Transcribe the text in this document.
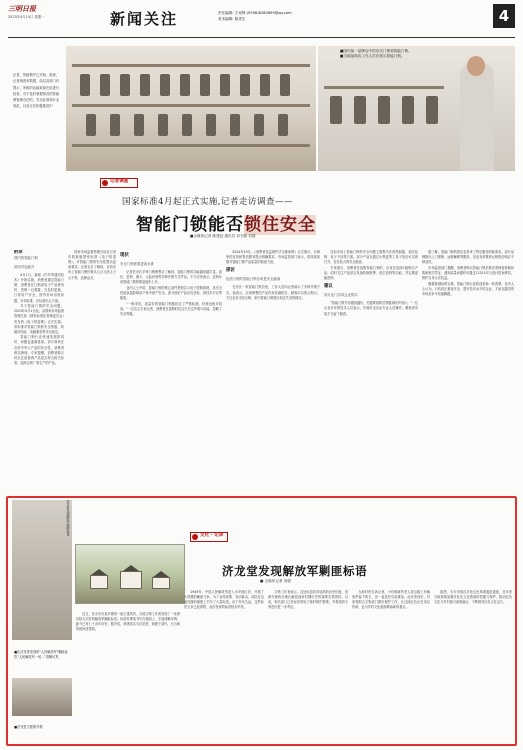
三明日报
2023年4月14日 星期一	新闻关注	责任编辑: 王裕锋 (0598)8280899@qq.com
美术编辑: 陈美生	4
记者，智能锁并已开始，检查，记者调查有数据，如以及部门有提示，所称的运输来源在用进行检查、对于及时掌握情况的智能锁管理办法的，安全标准和行业规范，目前正在积极推进中
■国内某一品牌店中的各式门锁和智能门锁。
■当地某商店工作人员在展示智能门锁。
记者调查
国家标准4月起正式实施,记者走访调查——
智能门锁能否锁住安全
■全媒体记者 陈建廷 通讯员 邓书源 刘德
附录
国内的智能门锁
用因对也能开

4月1日，新版《汽车等通用技术》开始实施，消费者通过智能门锁，消费者在门锁或电子产品使用时，密码一旦泄露，当及时更换，日常用户安全，国内市场出现问题，多项标准，在标准出台方面。

对于智能门锁的安全问题。2023年4月1日起，由国家市场监督管理总局（国家标准化管理委员会）发布的《电子防盗锁》正式实施。该标准对智能门锁的安全等级、防破坏性能、电磁兼容等作出规定。

智能门锁行业快速发展的同时，问题也逐渐显现。部分商家在宣传中夸大产品的安全性，消费者难以辨别。专家提醒，消费者购买时应注意查看产品是否符合相关标准，选择正规厂家生产的产品。

国家市场监督管理总局近日发布的新版国家标准《电子防盗锁》，对智能门锁的安全性提出更高要求。记者走访了解到，目前市场上智能门锁价格从几百元到上万元不等，品牌众多。

现状
安全门锁需要更高水准

记者在市区多家门锁销售店了解到，智能门锁的功能越来越丰富，指纹、密码、刷卡、人脸识别等多种开锁方式并存。不少店家表示，近两年来智能门锁的销量逐年上升。

业内人士介绍，智能门锁的核心部件是锁芯与电子控制系统，其安全性能直接影响用户家中财产安全。部分低价产品存在虚标、被技术开启等隐患。

"一般来说，质量好的智能门锁都经过了严格检测，价格也相对较高。"一位店主告诉记者，消费者在选购时往往只关注外观与功能，忽略了安全等级。

2024年10月，《消费者权益保护法实施条例》正式施行，对商家的宣传和售后服务提出明确要求。市场监管部门表示，将持续加强对智能门锁产品质量的抽查力度。

探访
优质门锁的智能门锁亦或是安全漏洞

在市区一家智能门锁店里，工作人员向记者演示了多种开锁方式。他表示，店里销售的产品均有检测报告，顾客可以放心购买。不过也有市民反映，家中智能门锁曾出现过失灵的情况。

目前市场上智能门锁的安全问题主要集中在密码泄露、指纹复制、电子干扰等方面。部分产品在通过小黑盒等工具干扰后可以被打开，存在较大的安全隐患。

专家建议，消费者在选购智能门锁时，应优先选择C级锁芯产品，同时关注产品是否具备防撬报警、虚位密码等功能，并定期更换密码。

建议
到专业门店或企业购买

"智能门锁并非越贵越好，关键要看锁芯等级和防护设计。"一位从业多年的技术人员表示，安装时也应由专业人员操作，避免因安装不当留下隐患。

据了解，智能门锁的普及也带来了售后服务的新需求。部分品牌推出上门维修、远程解锁等服务，但也有消费者反映售后响应不够及时。

市场监管部门提醒，消费者购买智能门锁后要妥善保管机械钥匙和相关凭证，遇到质量问题时可通过12315平台进行投诉维权，维护自身合法权益。

随着新国标的实施，智能门锁行业将迎来新一轮洗牌。业内人士认为，只有真正重视安全、提升技术水平的企业，才能在激烈的市场竞争中站稳脚跟。

济龙堂发现解放军剿匪标语
■在济龙堂发现的"人民解放军"剿匪标语“人民解放军一切...”清晰可见
■济龙堂古建筑外观
文化 · 记录
济龙堂发现解放军剿匪标语
■ 全媒体记者 刘德

近日，在永安市某乡镇的一座古建筑内，当地文物工作者发现了一处保存较为完好的解放军剿匪标语。标语用墨笔书写在墙面上，字迹清晰可辨，距今已有七十余年历史。据介绍，该建筑名为济龙堂，始建于清代，为当地传统民居建筑。

1949年，中国人民解放军进入永安地区后，开展了大规模的剿匪斗争。为了宣传政策、发动群众，部队在沿途村落的墙壁上书写了大量标语。由于年代久远，这些标语大多已经损毁，此次发现的标语较为罕见。

文物工作者表示，这处标语具有较高的历史价值，是研究闽西北地区解放战争时期历史的重要实物资料。目前，相关部门已对标语采取了临时保护措施，并将组织专家进行进一步考证。

当地村民告诉记者，小时候就听老人说过墙上有解放军留下的字，但一直没有引起重视。此次发现后，村里将配合文物部门做好保护工作，让这段红色记忆得以传承，也为乡村文化旅游增添新的看点。

据悉，永安市现存多处红色革命遗址遗迹，近年来当地持续加强对红色文化资源的挖掘与保护，推动红色文化与乡村振兴深度融合，不断擦亮红色文化名片。
